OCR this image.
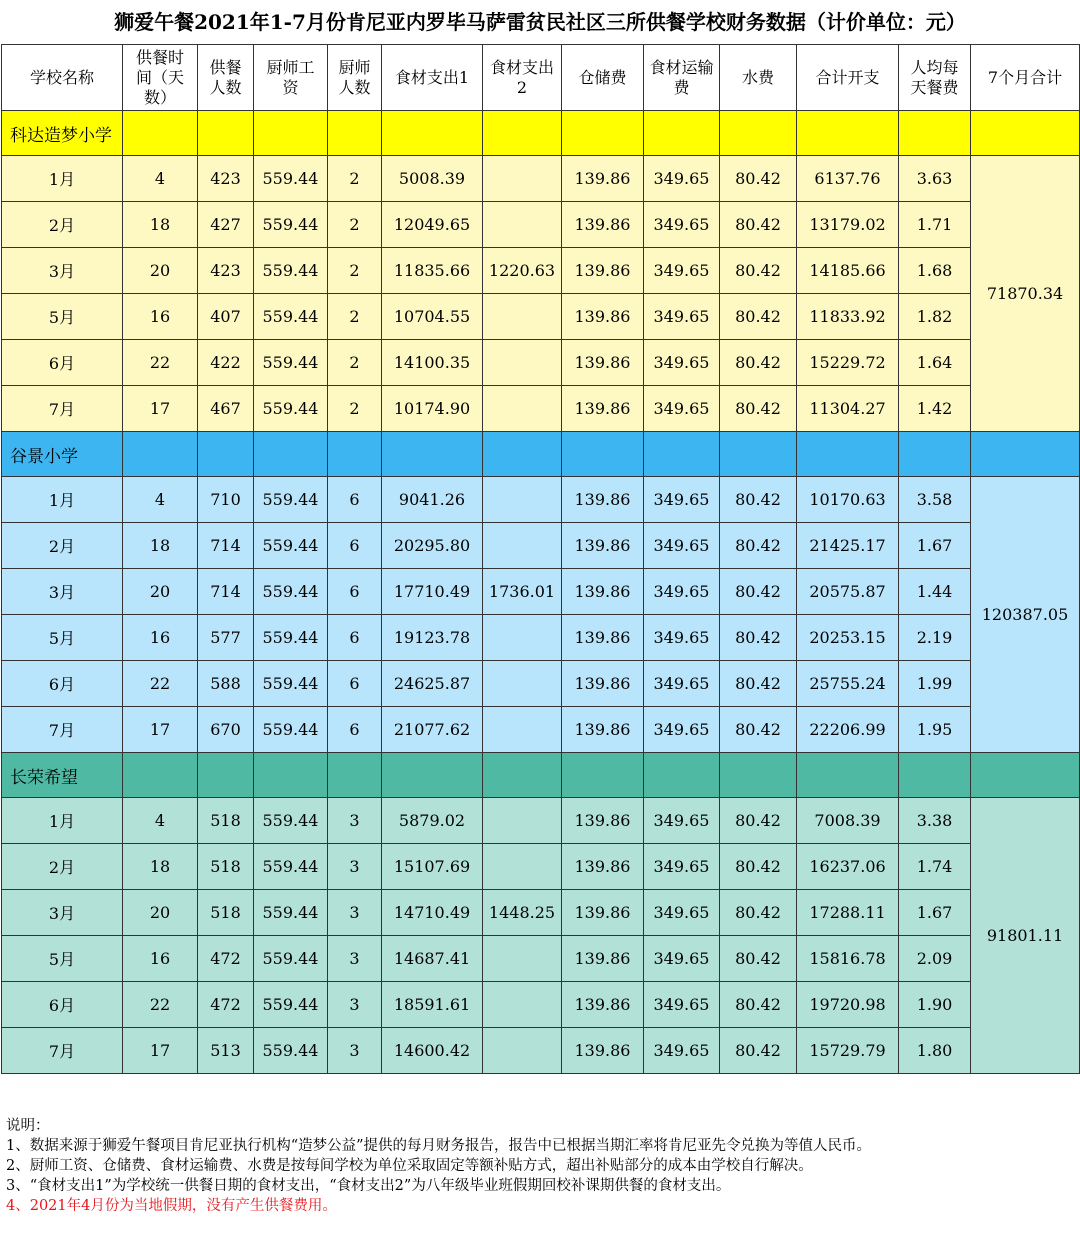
狮爱午餐2021年1-7月份肯尼亚内罗毕马萨雷贫民社区三所供餐学校财务数据（计价单位：元）
学校名称	供餐时间（天数）	供餐人数	厨师工资	厨师人数	食材支出1	食材支出2	仓储费	食材运输费	水费	合计开支	人均每天餐费	7个月合计
科达造梦小学												
1月	4	423	559.44	2	5008.39		139.86	349.65	80.42	6137.76	3.63	71870.34
2月	18	427	559.44	2	12049.65		139.86	349.65	80.42	13179.02	1.71	
3月	20	423	559.44	2	11835.66	1220.63	139.86	349.65	80.42	14185.66	1.68	
5月	16	407	559.44	2	10704.55		139.86	349.65	80.42	11833.92	1.82	
6月	22	422	559.44	2	14100.35		139.86	349.65	80.42	15229.72	1.64	
7月	17	467	559.44	2	10174.90		139.86	349.65	80.42	11304.27	1.42	
谷景小学												
1月	4	710	559.44	6	9041.26		139.86	349.65	80.42	10170.63	3.58	120387.05
2月	18	714	559.44	6	20295.80		139.86	349.65	80.42	21425.17	1.67	
3月	20	714	559.44	6	17710.49	1736.01	139.86	349.65	80.42	20575.87	1.44	
5月	16	577	559.44	6	19123.78		139.86	349.65	80.42	20253.15	2.19	
6月	22	588	559.44	6	24625.87		139.86	349.65	80.42	25755.24	1.99	
7月	17	670	559.44	6	21077.62		139.86	349.65	80.42	22206.99	1.95	
长荣希望												
1月	4	518	559.44	3	5879.02		139.86	349.65	80.42	7008.39	3.38	91801.11
2月	18	518	559.44	3	15107.69		139.86	349.65	80.42	16237.06	1.74	
3月	20	518	559.44	3	14710.49	1448.25	139.86	349.65	80.42	17288.11	1.67	
5月	16	472	559.44	3	14687.41		139.86	349.65	80.42	15816.78	2.09	
6月	22	472	559.44	3	18591.61		139.86	349.65	80.42	19720.98	1.90	
7月	17	513	559.44	3	14600.42		139.86	349.65	80.42	15729.79	1.80	
说明：
1、数据来源于狮爱午餐项目肯尼亚执行机构“造梦公益”提供的每月财务报告，报告中已根据当期汇率将肯尼亚先令兑换为等值人民币。
2、厨师工资、仓储费、食材运输费、水费是按每间学校为单位采取固定等额补贴方式，超出补贴部分的成本由学校自行解决。
3、“食材支出1”为学校统一供餐日期的食材支出，“食材支出2”为八年级毕业班假期回校补课期供餐的食材支出。
4、2021年4月份为当地假期，没有产生供餐费用。
